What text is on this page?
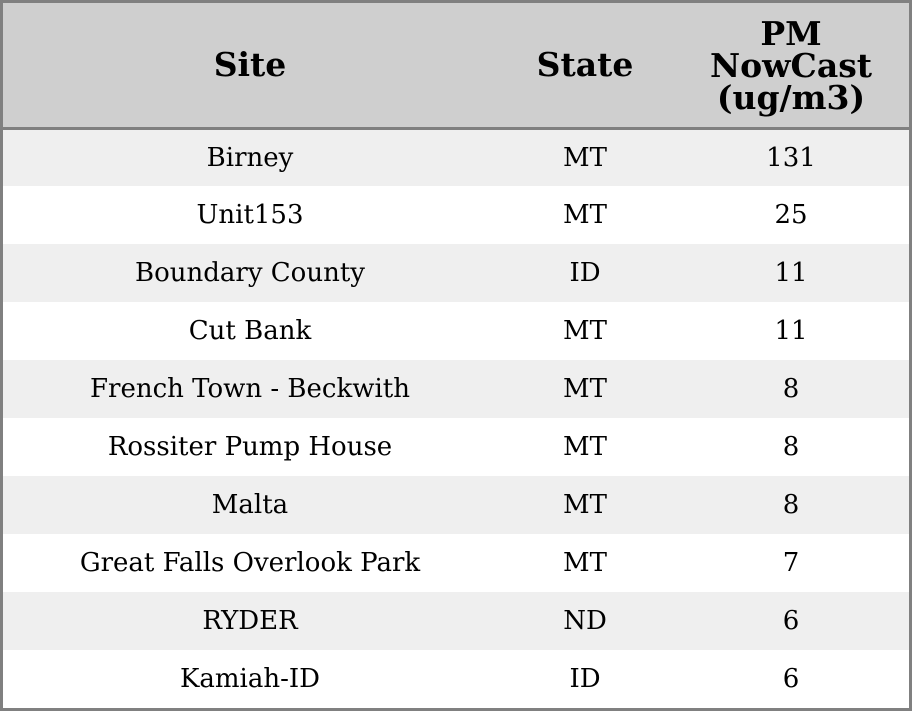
Site	State	PM
NowCast
(ug/m3)

Birney	MT	131
Unit153	MT	25
Boundary County	ID	11
Cut Bank	MT	11
French Town - Beckwith	MT	8
Rossiter Pump House	MT	8
Malta	MT	8
Great Falls Overlook Park	MT	7
RYDER	ND	6
Kamiah-ID	ID	6
